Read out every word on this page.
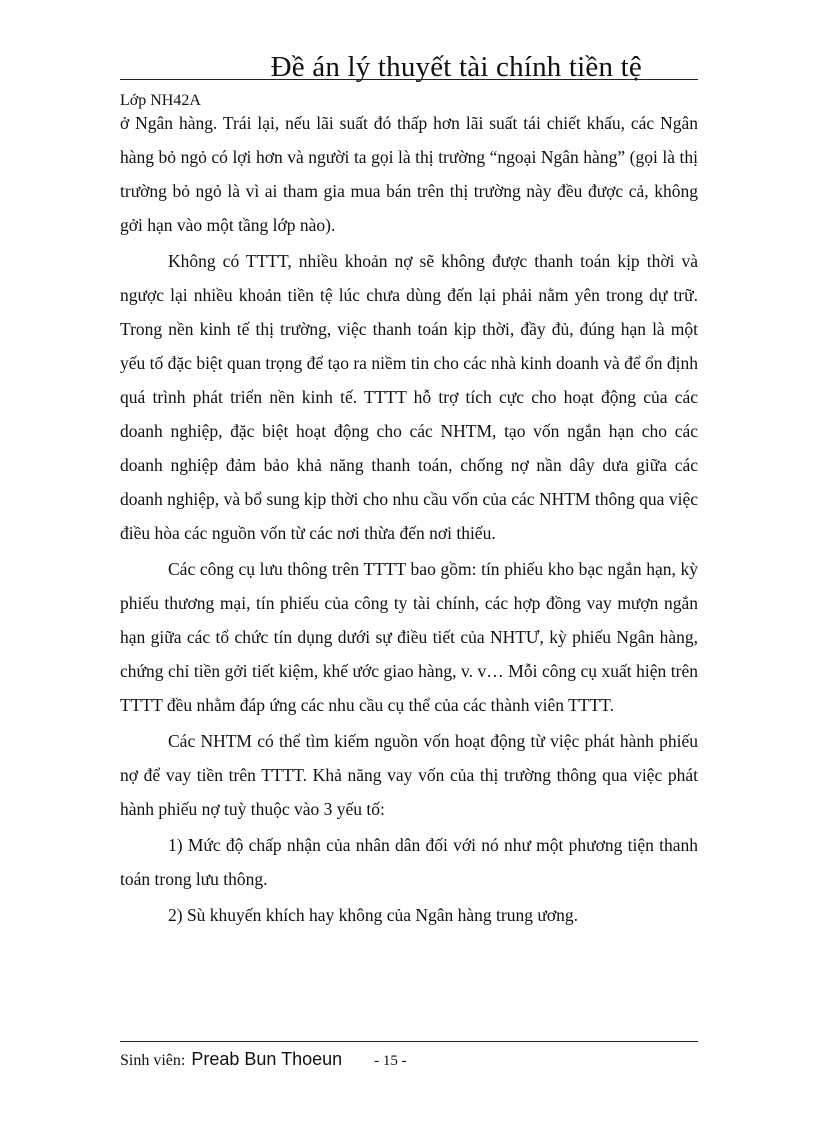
Đề án lý thuyết tài chính tiền tệ
Lớp NH42A

ở Ngân hàng. Trái lại, nếu lãi suất đó thấp hơn lãi suất tái chiết khấu, các Ngân hàng bỏ ngỏ có lợi hơn và người ta gọi là thị trường “ngoại Ngân hàng” (gọi là thị trường bỏ ngỏ là vì ai tham gia mua bán trên thị trường này đều được cả, không gởi hạn vào một tầng lớp nào).

Không có TTTT, nhiều khoản nợ sẽ không được thanh toán kịp thời và ngược lại nhiều khoản tiền tệ lúc chưa dùng đến lại phải nằm yên trong dự trữ. Trong nền kinh tế thị trường, việc thanh toán kịp thời, đầy đủ, đúng hạn là một yếu tố đặc biệt quan trọng để tạo ra niềm tin cho các nhà kinh doanh và để ổn định quá trình phát triển nền kinh tế. TTTT hỗ trợ tích cực cho hoạt động của các doanh nghiệp, đặc biệt hoạt động cho các NHTM, tạo vốn ngắn hạn cho các doanh nghiệp đảm bảo khả năng thanh toán, chống nợ nần dây dưa giữa các doanh nghiệp, và bổ sung kịp thời cho nhu cầu vốn của các NHTM thông qua việc điều hòa các nguồn vốn từ các nơi thừa đến nơi thiếu.

Các công cụ lưu thông trên TTTT bao gồm: tín phiếu kho bạc ngắn hạn, kỳ phiếu thương mại, tín phiếu của công ty tài chính, các hợp đồng vay mượn ngắn hạn giữa các tổ chức tín dụng dưới sự điều tiết của NHTƯ, kỳ phiếu Ngân hàng, chứng chỉ tiền gởi tiết kiệm, khế ước giao hàng, v. v… Mỗi công cụ xuất hiện trên TTTT đều nhằm đáp ứng các nhu cầu cụ thể của các thành viên TTTT.

Các NHTM có thể tìm kiếm nguồn vốn hoạt động từ việc phát hành phiếu nợ để vay tiền trên TTTT. Khả năng vay vốn của thị trường thông qua việc phát hành phiếu nợ tuỳ thuộc vào 3 yếu tố:

1) Mức độ chấp nhận của nhân dân đối với nó như một phương tiện thanh toán trong lưu thông.

2) Sù khuyến khích hay không của Ngân hàng trung ương.

Sinh viên: Preab Bun Thoeun - 15 -
